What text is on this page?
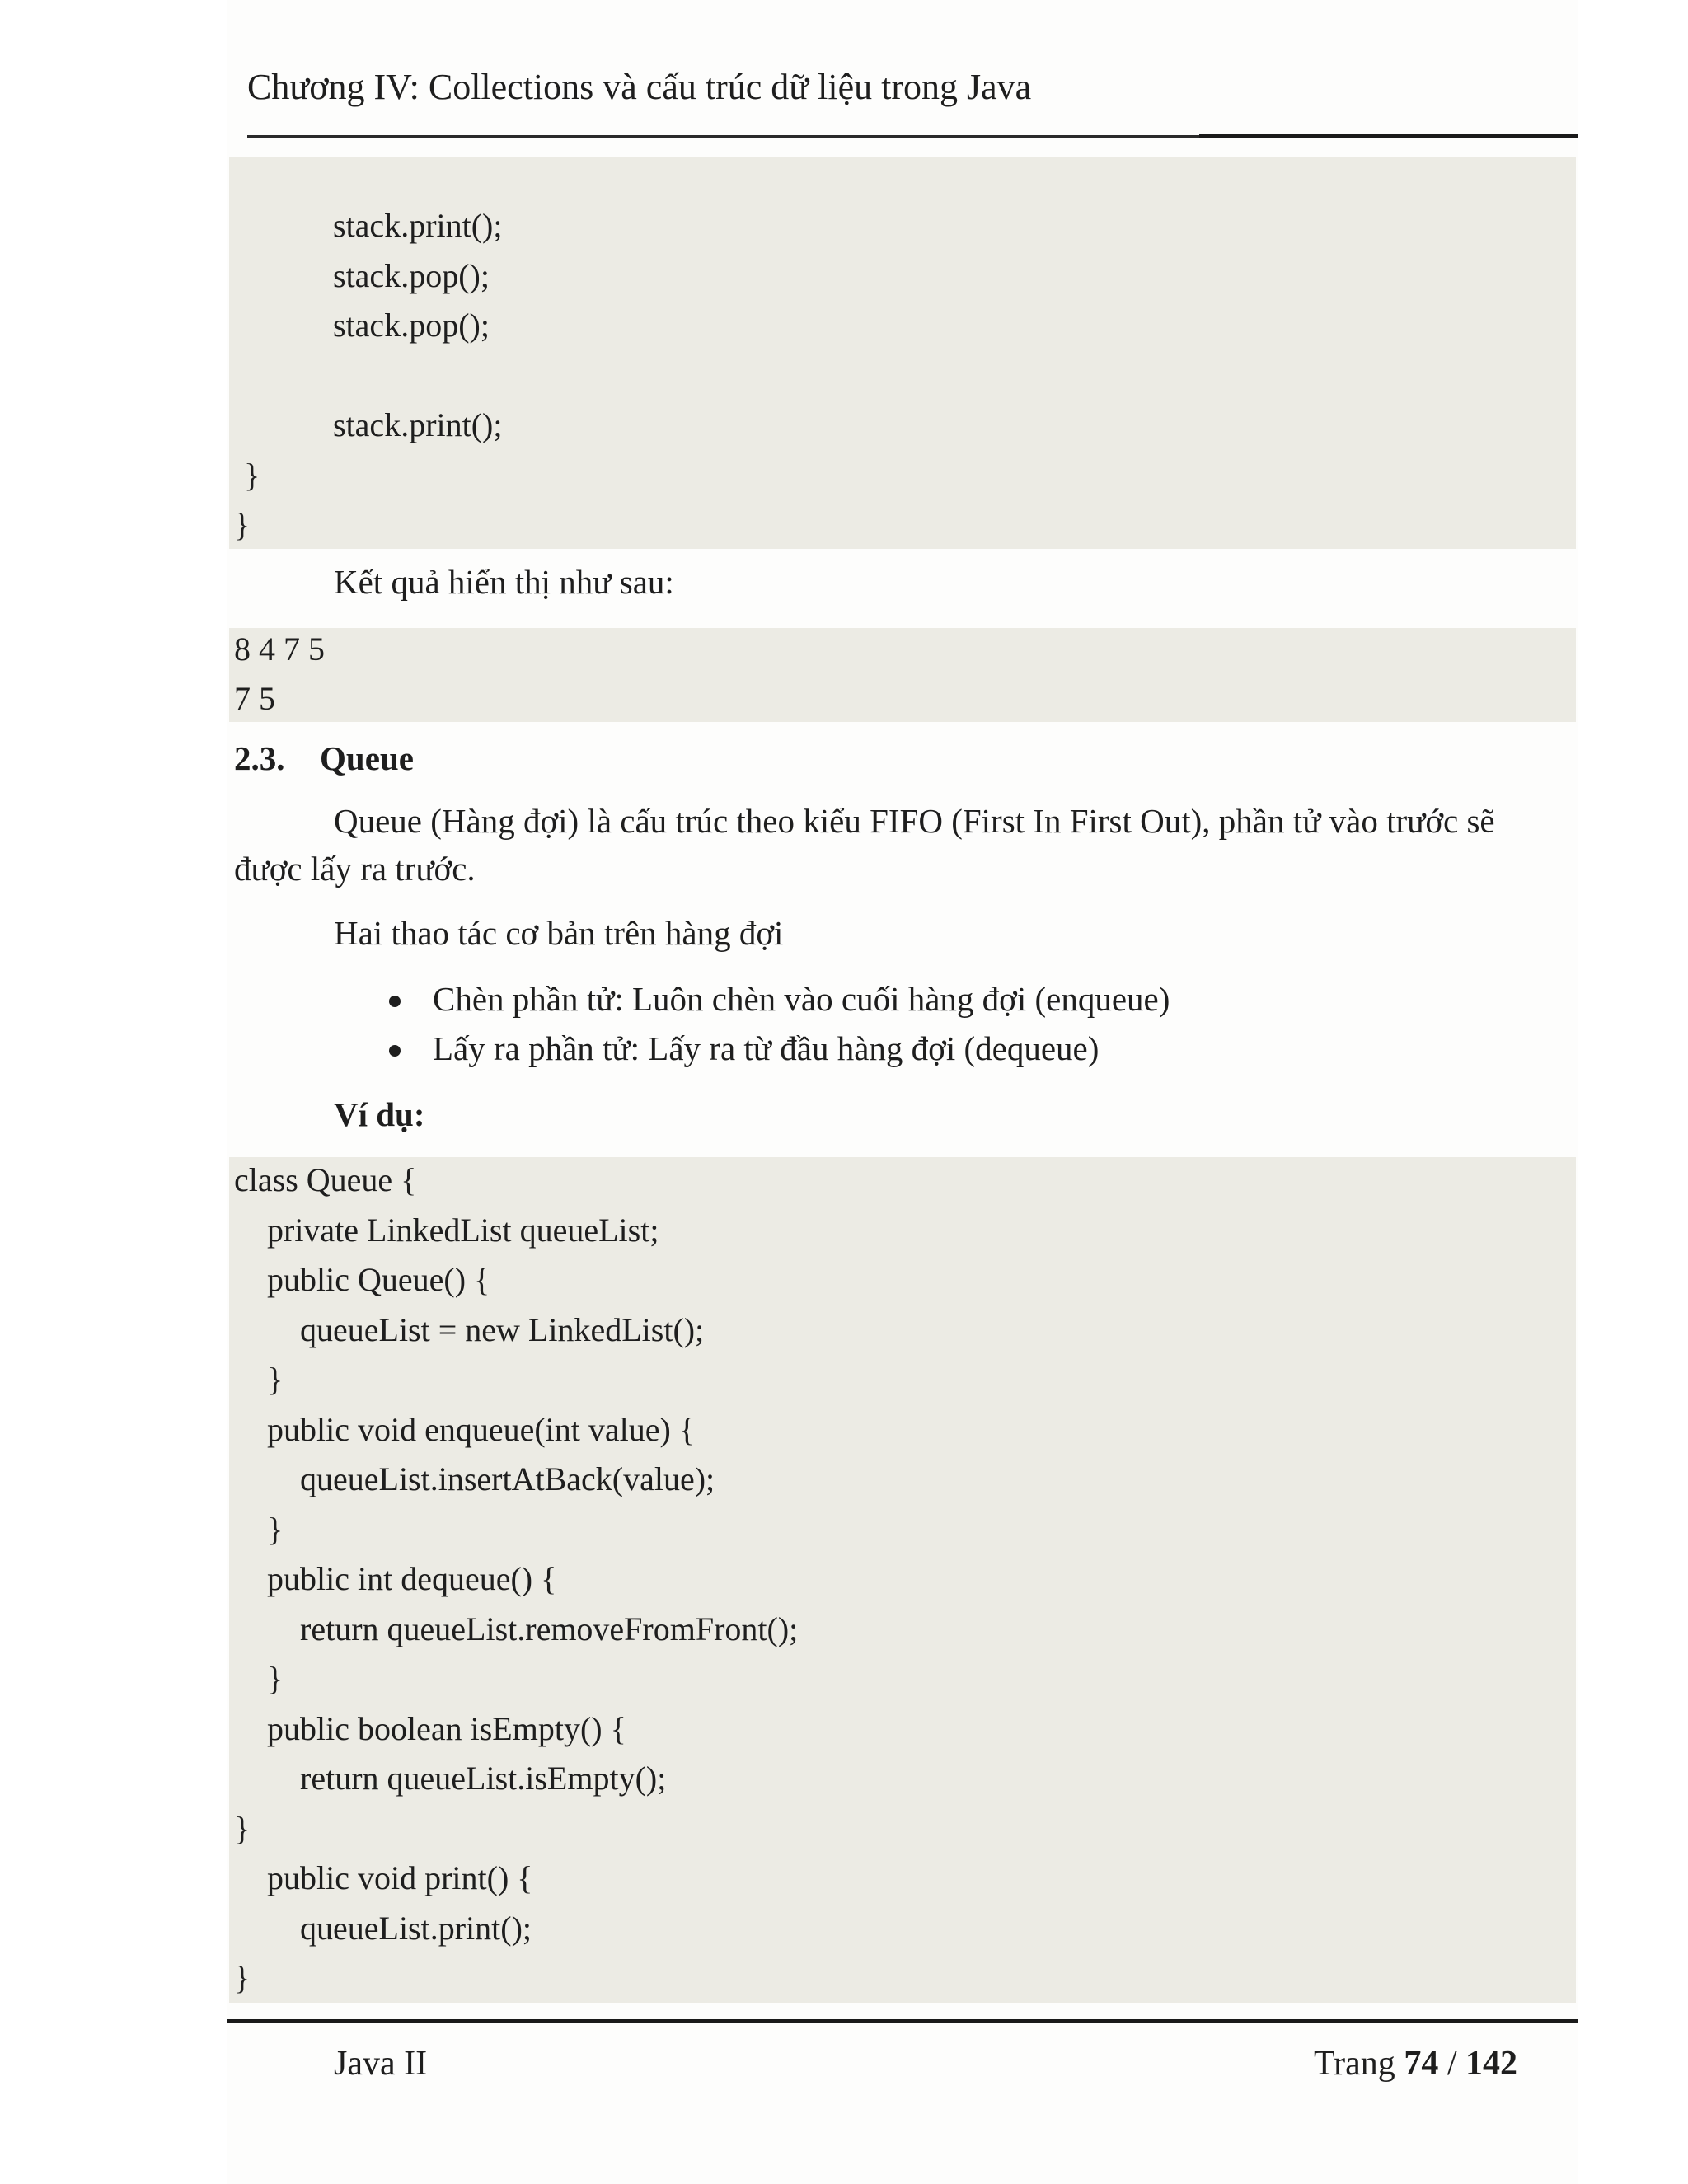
Chương IV: Collections và cấu trúc dữ liệu trong Java
stack.print();
stack.pop();
stack.pop();
stack.print();
}
}
Kết quả hiển thị như sau:
8 4 7 5
7 5
2.3. Queue
Queue (Hàng đợi) là cấu trúc theo kiểu FIFO (First In First Out), phần tử vào trước sẽ
được lấy ra trước.
Hai thao tác cơ bản trên hàng đợi
Chèn phần tử: Luôn chèn vào cuối hàng đợi (enqueue)
Lấy ra phần tử: Lấy ra từ đầu hàng đợi (dequeue)
Ví dụ:
class Queue {
private LinkedList queueList;
public Queue() {
queueList = new LinkedList();
}
public void enqueue(int value) {
queueList.insertAtBack(value);
}
public int dequeue() {
return queueList.removeFromFront();
}
public boolean isEmpty() {
return queueList.isEmpty();
}
public void print() {
queueList.print();
}
Java II	Trang 74 / 142
